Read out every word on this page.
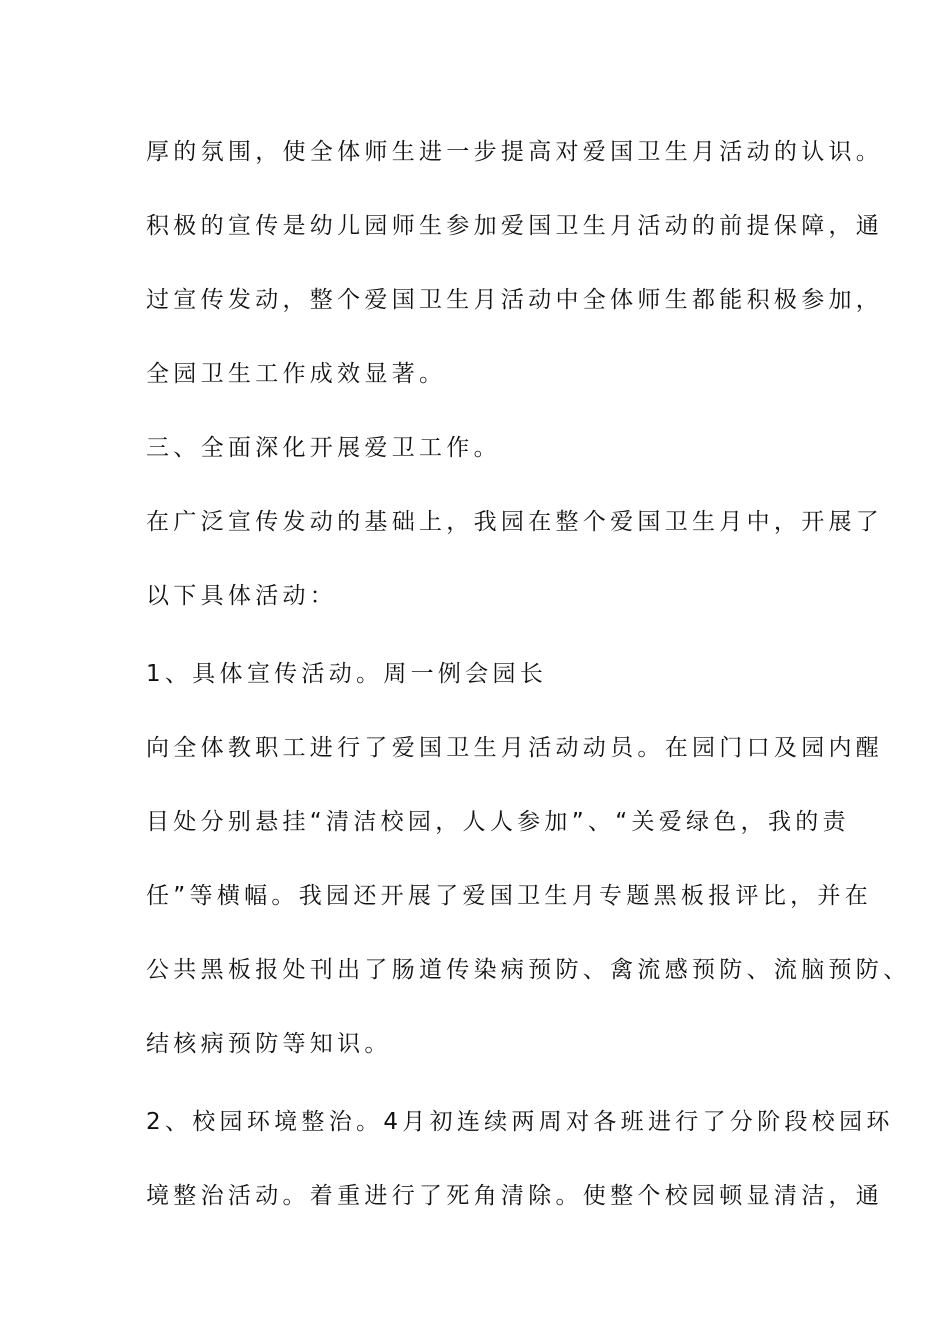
厚的氛围，使全体师生进一步提高对爱国卫生月活动的认识。
积极的宣传是幼儿园师生参加爱国卫生月活动的前提保障，通
过宣传发动，整个爱国卫生月活动中全体师生都能积极参加，
全园卫生工作成效显著。
三、全面深化开展爱卫工作。
在广泛宣传发动的基础上，我园在整个爱国卫生月中，开展了
以下具体活动：
1、具体宣传活动。周一例会园长
向全体教职工进行了爱国卫生月活动动员。在园门口及园内醒
目处分别悬挂“清洁校园，人人参加”、“关爱绿色，我的责
任”等横幅。我园还开展了爱国卫生月专题黑板报评比，并在
公共黑板报处刊出了肠道传染病预防、禽流感预防、流脑预防、
结核病预防等知识。
2、校园环境整治。4月初连续两周对各班进行了分阶段校园环
境整治活动。着重进行了死角清除。使整个校园顿显清洁，通
